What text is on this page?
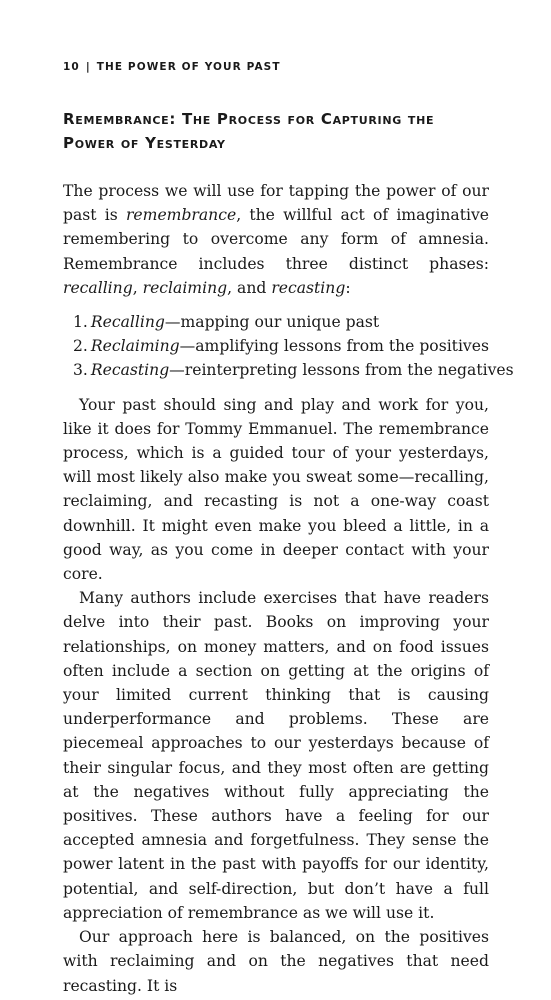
10 | THE POWER OF YOUR PAST
Remembrance: The Process for Capturing the
Power of Yesterday

The process we will use for tapping the power of our past is remembrance, the willful act of imaginative remembering to overcome any form of amnesia. Remembrance includes three distinct phases: recalling, reclaiming, and recasting:

1. Recalling—mapping our unique past
2. Reclaiming—amplifying lessons from the positives
3. Recasting—reinterpreting lessons from the negatives

Your past should sing and play and work for you, like it does for Tommy Emmanuel. The remembrance process, which is a guided tour of your yesterdays, will most likely also make you sweat some—recalling, reclaiming, and recasting is not a one-way coast downhill. It might even make you bleed a little, in a good way, as you come in deeper contact with your core.

Many authors include exercises that have readers delve into their past. Books on improving your relationships, on money matters, and on food issues often include a section on getting at the origins of your limited current thinking that is causing underperformance and problems. These are piecemeal approaches to our yesterdays because of their singular focus, and they most often are getting at the negatives without fully appreciating the positives. These authors have a feeling for our accepted amnesia and forgetfulness. They sense the power latent in the past with payoffs for our identity, potential, and self-direction, but don’t have a full appreciation of remembrance as we will use it.

Our approach here is balanced, on the positives with reclaiming and on the negatives that need recasting. It is
